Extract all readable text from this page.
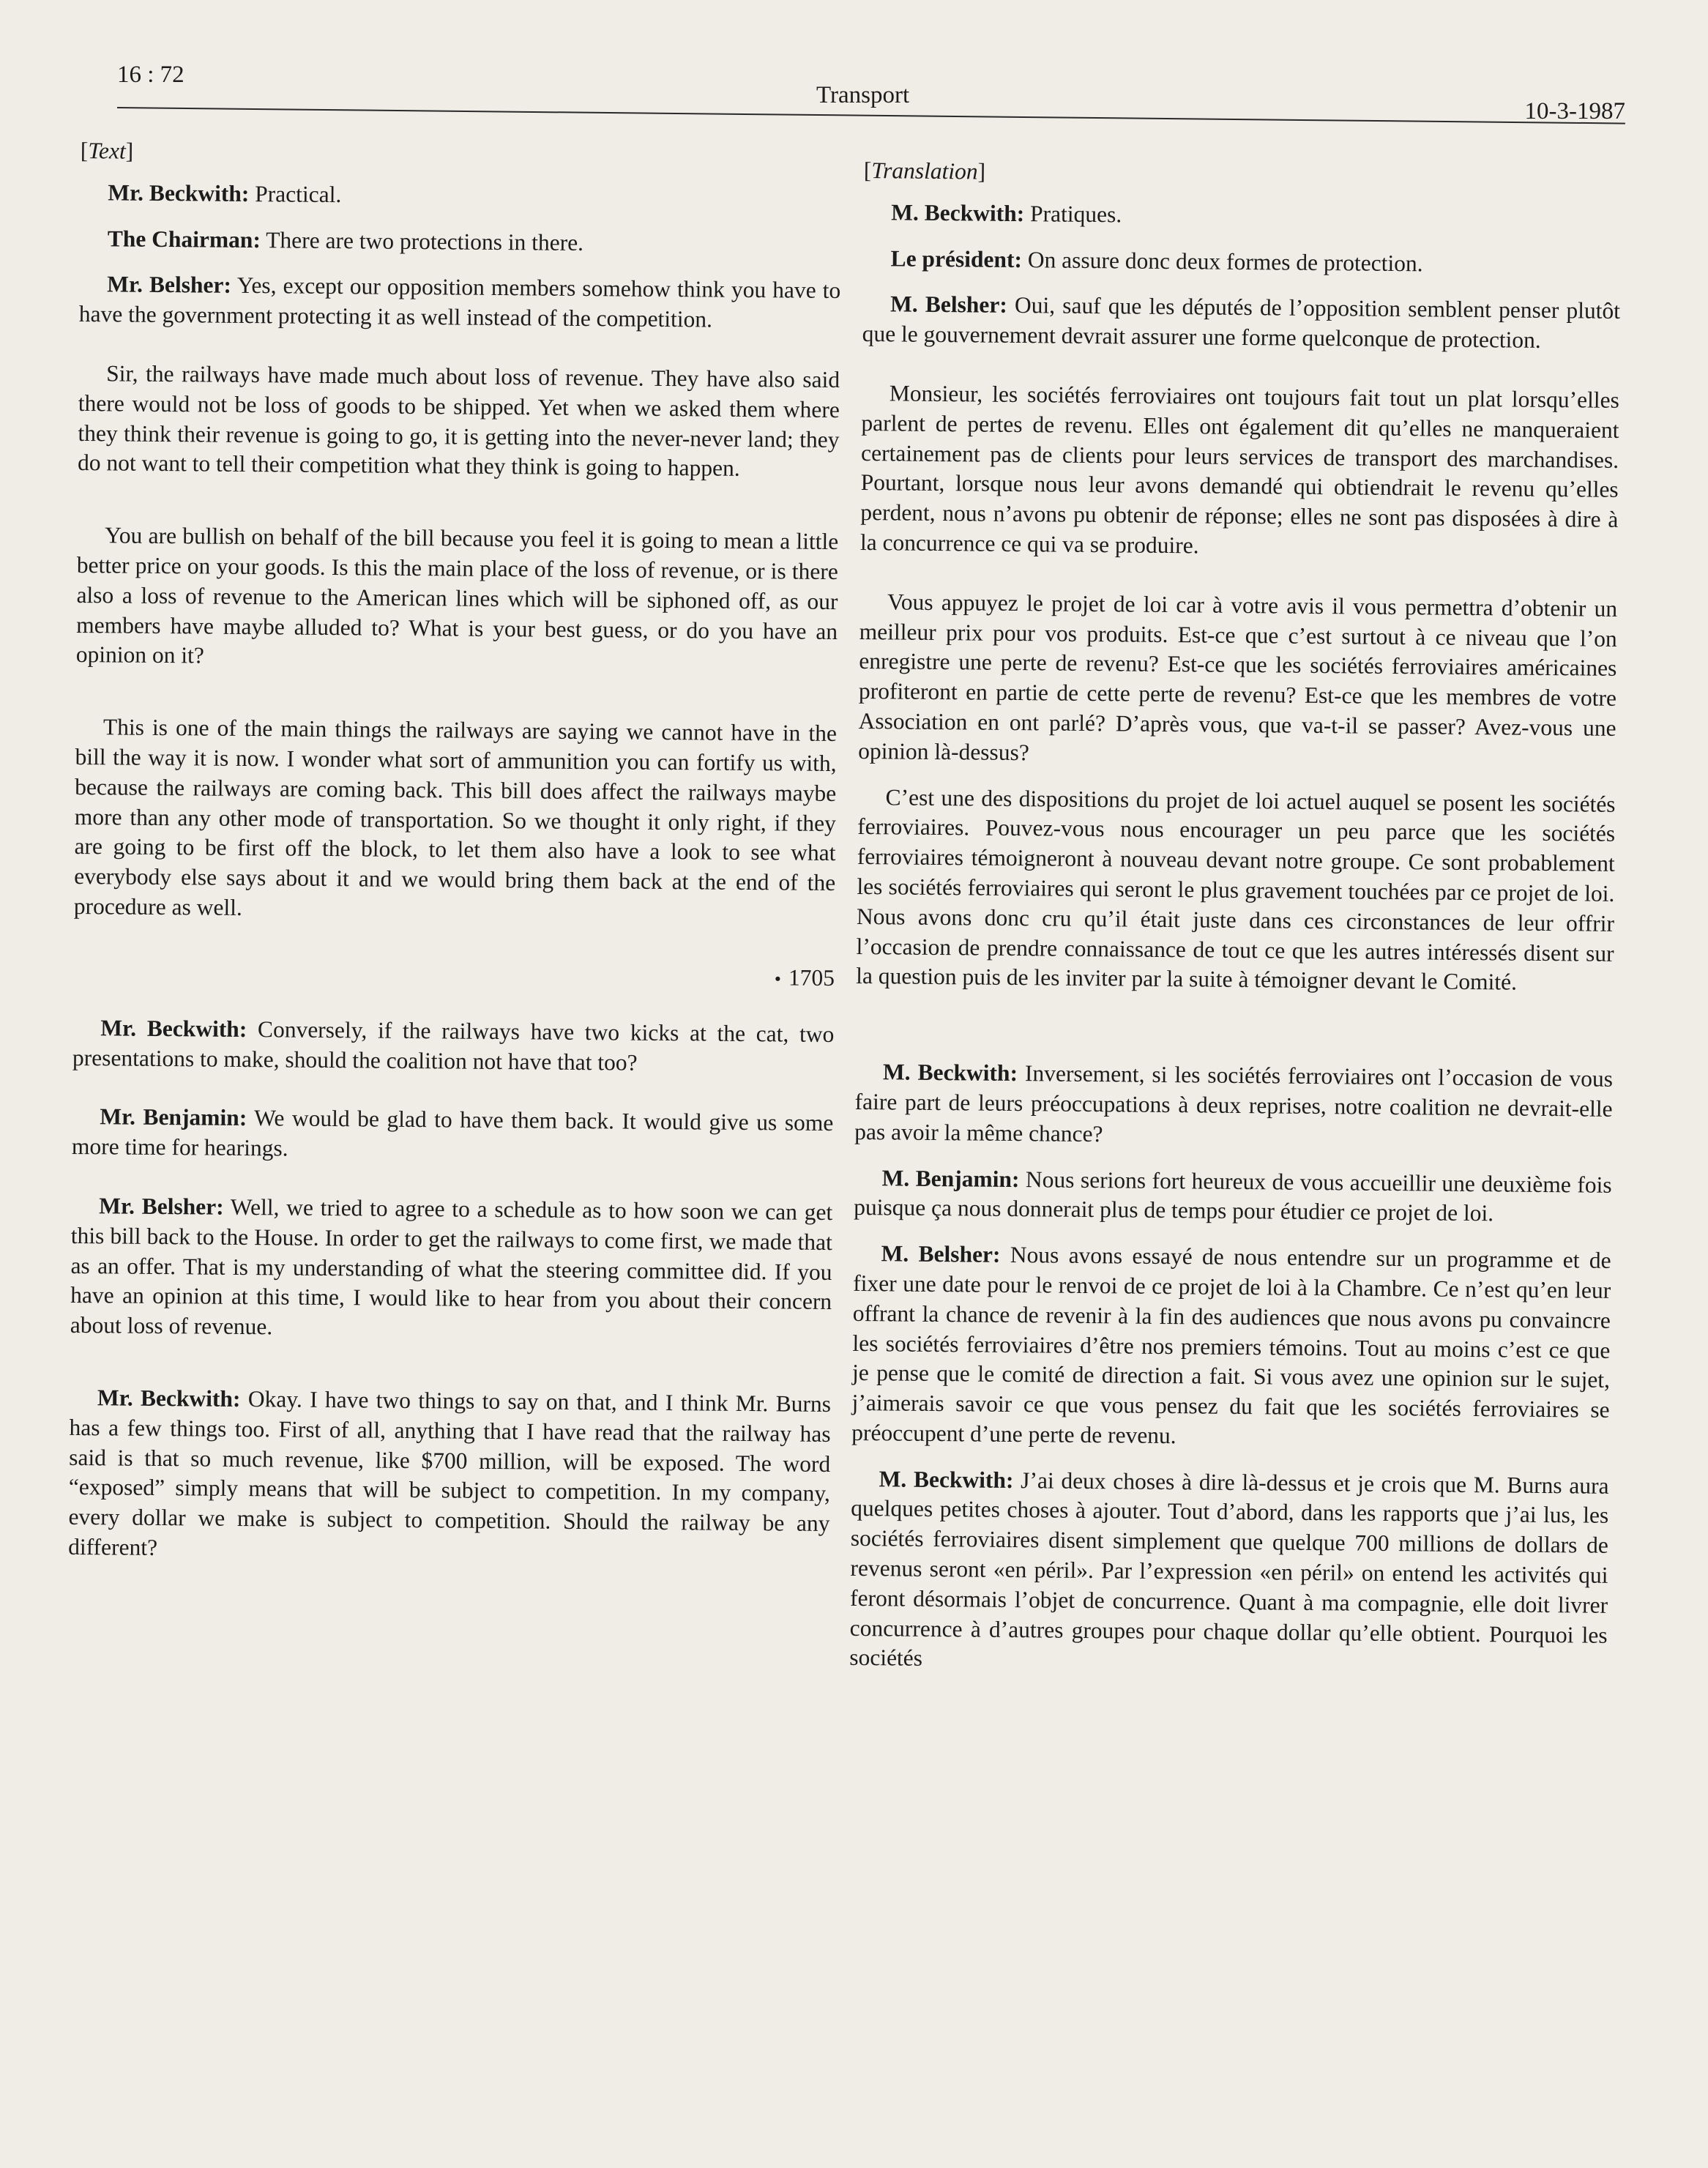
16 : 72
Transport
10-3-1987
[Text]

Mr. Beckwith: Practical.

The Chairman: There are two protections in there.

Mr. Belsher: Yes, except our opposition members somehow think you have to have the government protecting it as well instead of the competition.

Sir, the railways have made much about loss of revenue. They have also said there would not be loss of goods to be shipped. Yet when we asked them where they think their revenue is going to go, it is getting into the never-never land; they do not want to tell their competition what they think is going to happen.

You are bullish on behalf of the bill because you feel it is going to mean a little better price on your goods. Is this the main place of the loss of revenue, or is there also a loss of revenue to the American lines which will be siphoned off, as our members have maybe alluded to? What is your best guess, or do you have an opinion on it?

This is one of the main things the railways are saying we cannot have in the bill the way it is now. I wonder what sort of ammunition you can fortify us with, because the railways are coming back. This bill does affect the railways maybe more than any other mode of transportation. So we thought it only right, if they are going to be first off the block, to let them also have a look to see what everybody else says about it and we would bring them back at the end of the procedure as well.

• 1705

Mr. Beckwith: Conversely, if the railways have two kicks at the cat, two presentations to make, should the coalition not have that too?

Mr. Benjamin: We would be glad to have them back. It would give us some more time for hearings.

Mr. Belsher: Well, we tried to agree to a schedule as to how soon we can get this bill back to the House. In order to get the railways to come first, we made that as an offer. That is my understanding of what the steering committee did. If you have an opinion at this time, I would like to hear from you about their concern about loss of revenue.

Mr. Beckwith: Okay. I have two things to say on that, and I think Mr. Burns has a few things too. First of all, anything that I have read that the railway has said is that so much revenue, like $700 million, will be exposed. The word “exposed” simply means that will be subject to competition. In my company, every dollar we make is subject to competition. Should the railway be any different?

[Translation]

M. Beckwith: Pratiques.

Le président: On assure donc deux formes de protection.

M. Belsher: Oui, sauf que les députés de l’opposition semblent penser plutôt que le gouvernement devrait assurer une forme quelconque de protection.

Monsieur, les sociétés ferroviaires ont toujours fait tout un plat lorsqu’elles parlent de pertes de revenu. Elles ont également dit qu’elles ne manqueraient certainement pas de clients pour leurs services de transport des marchandises. Pourtant, lorsque nous leur avons demandé qui obtiendrait le revenu qu’elles perdent, nous n’avons pu obtenir de réponse; elles ne sont pas disposées à dire à la concurrence ce qui va se produire.

Vous appuyez le projet de loi car à votre avis il vous permettra d’obtenir un meilleur prix pour vos produits. Est-ce que c’est surtout à ce niveau que l’on enregistre une perte de revenu? Est-ce que les sociétés ferroviaires américaines profiteront en partie de cette perte de revenu? Est-ce que les membres de votre Association en ont parlé? D’après vous, que va-t-il se passer? Avez-vous une opinion là-dessus?

C’est une des dispositions du projet de loi actuel auquel se posent les sociétés ferroviaires. Pouvez-vous nous encourager un peu parce que les sociétés ferroviaires témoigneront à nouveau devant notre groupe. Ce sont probablement les sociétés ferroviaires qui seront le plus gravement touchées par ce projet de loi. Nous avons donc cru qu’il était juste dans ces circonstances de leur offrir l’occasion de prendre connaissance de tout ce que les autres intéressés disent sur la question puis de les inviter par la suite à témoigner devant le Comité.

M. Beckwith: Inversement, si les sociétés ferroviaires ont l’occasion de vous faire part de leurs préoccupations à deux reprises, notre coalition ne devrait-elle pas avoir la même chance?

M. Benjamin: Nous serions fort heureux de vous accueillir une deuxième fois puisque ça nous donnerait plus de temps pour étudier ce projet de loi.

M. Belsher: Nous avons essayé de nous entendre sur un programme et de fixer une date pour le renvoi de ce projet de loi à la Chambre. Ce n’est qu’en leur offrant la chance de revenir à la fin des audiences que nous avons pu convaincre les sociétés ferroviaires d’être nos premiers témoins. Tout au moins c’est ce que je pense que le comité de direction a fait. Si vous avez une opinion sur le sujet, j’aimerais savoir ce que vous pensez du fait que les sociétés ferroviaires se préoccupent d’une perte de revenu.

M. Beckwith: J’ai deux choses à dire là-dessus et je crois que M. Burns aura quelques petites choses à ajouter. Tout d’abord, dans les rapports que j’ai lus, les sociétés ferroviaires disent simplement que quelque 700 millions de dollars de revenus seront «en péril». Par l’expression «en péril» on entend les activités qui feront désormais l’objet de concurrence. Quant à ma compagnie, elle doit livrer concurrence à d’autres groupes pour chaque dollar qu’elle obtient. Pourquoi les sociétés
